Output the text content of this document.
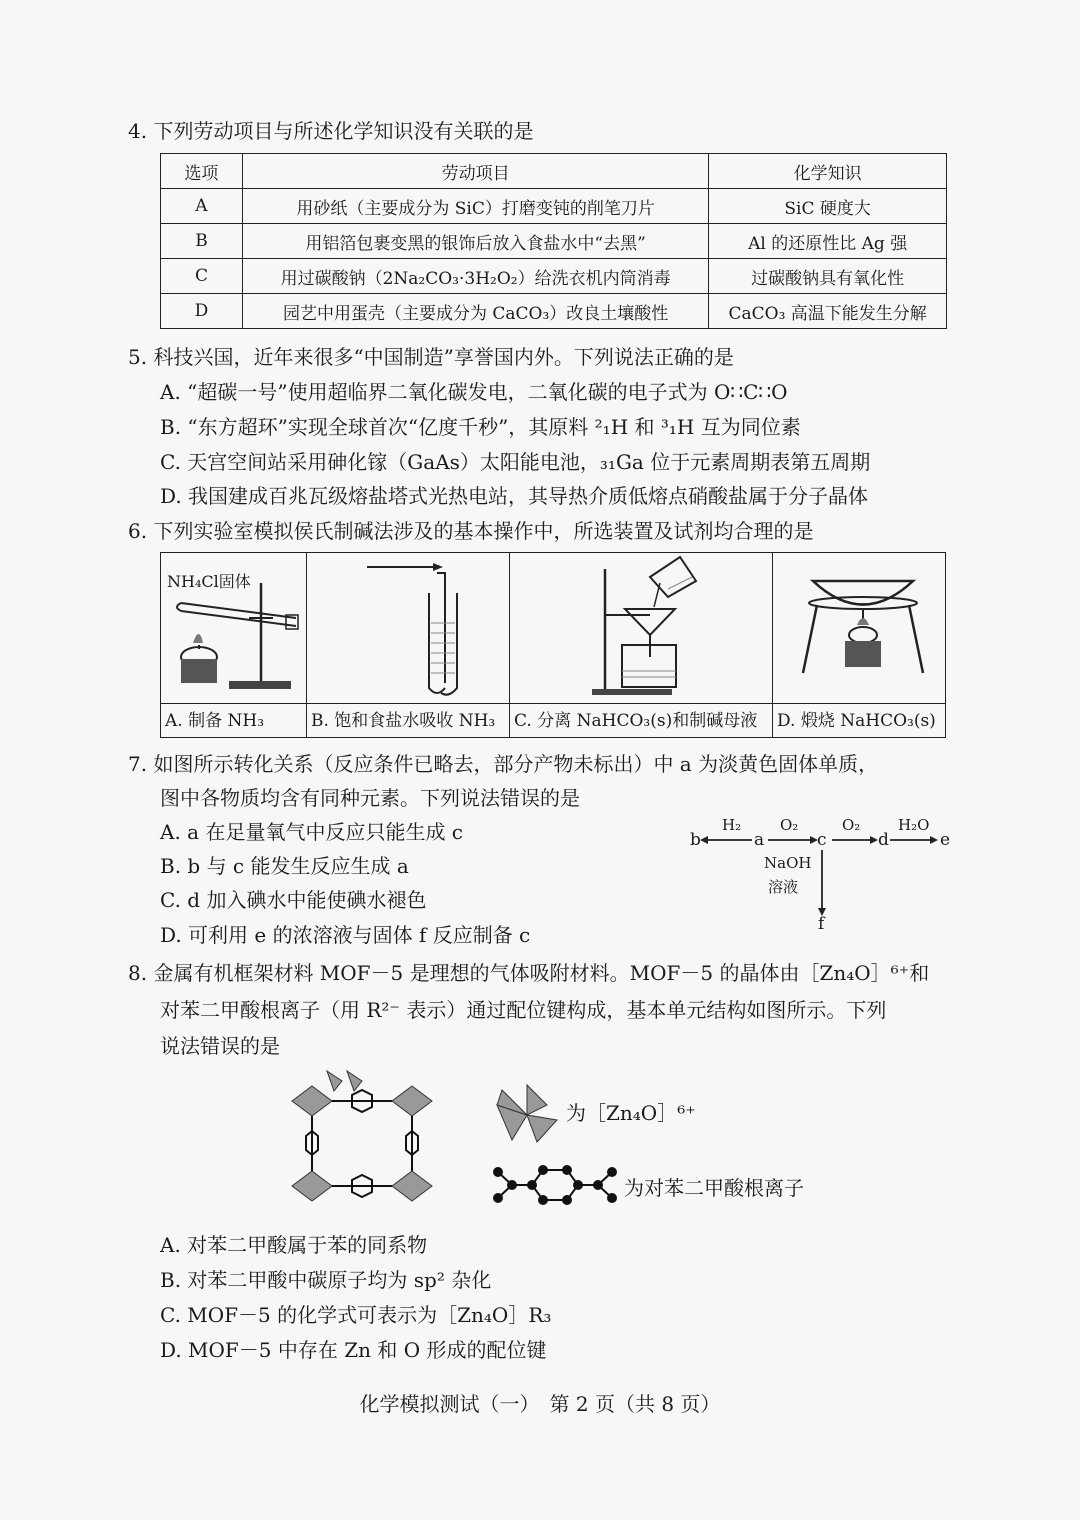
4. 下列劳动项目与所述化学知识没有关联的是
选项	劳动项目	化学知识
A	用砂纸（主要成分为 SiC）打磨变钝的削笔刀片	SiC 硬度大
B	用铝箔包裹变黑的银饰后放入食盐水中“去黑”	Al 的还原性比 Ag 强
C	用过碳酸钠（2Na₂CO₃·3H₂O₂）给洗衣机内筒消毒	过碳酸钠具有氧化性
D	园艺中用蛋壳（主要成分为 CaCO₃）改良土壤酸性	CaCO₃ 高温下能发生分解
5. 科技兴国，近年来很多“中国制造”享誉国内外。下列说法正确的是
A. “超碳一号”使用超临界二氧化碳发电，二氧化碳的电子式为 O∷C∷O
B. “东方超环”实现全球首次“亿度千秒”，其原料 ²₁H 和 ³₁H 互为同位素
C. 天宫空间站采用砷化镓（GaAs）太阳能电池，₃₁Ga 位于元素周期表第五周期
D. 我国建成百兆瓦级熔盐塔式光热电站，其导热介质低熔点硝酸盐属于分子晶体
6. 下列实验室模拟侯氏制碱法涉及的基本操作中，所选装置及试剂均合理的是
NH₄Cl固体
A. 制备 NH₃	B. 饱和食盐水吸收 NH₃	C. 分离 NaHCO₃(s)和制碱母液	D. 煅烧 NaHCO₃(s)
7. 如图所示转化关系（反应条件已略去，部分产物未标出）中 a 为淡黄色固体单质，
图中各物质均含有同种元素。下列说法错误的是
A. a 在足量氧气中反应只能生成 c
B. b 与 c 能发生反应生成 a
C. d 加入碘水中能使碘水褪色
D. 可利用 e 的浓溶液与固体 f 反应制备 c
b	a	c	d	e
f
H₂	O₂	O₂	H₂O
NaOH
溶液
8. 金属有机框架材料 MOF－5 是理想的气体吸附材料。MOF－5 的晶体由［Zn₄O］⁶⁺和
对苯二甲酸根离子（用 R²⁻ 表示）通过配位键构成，基本单元结构如图所示。下列
说法错误的是
为［Zn₄O］⁶⁺
为对苯二甲酸根离子
A. 对苯二甲酸属于苯的同系物
B. 对苯二甲酸中碳原子均为 sp² 杂化
C. MOF－5 的化学式可表示为［Zn₄O］R₃
D. MOF－5 中存在 Zn 和 O 形成的配位键
化学模拟测试（一）　第 2 页（共 8 页）
